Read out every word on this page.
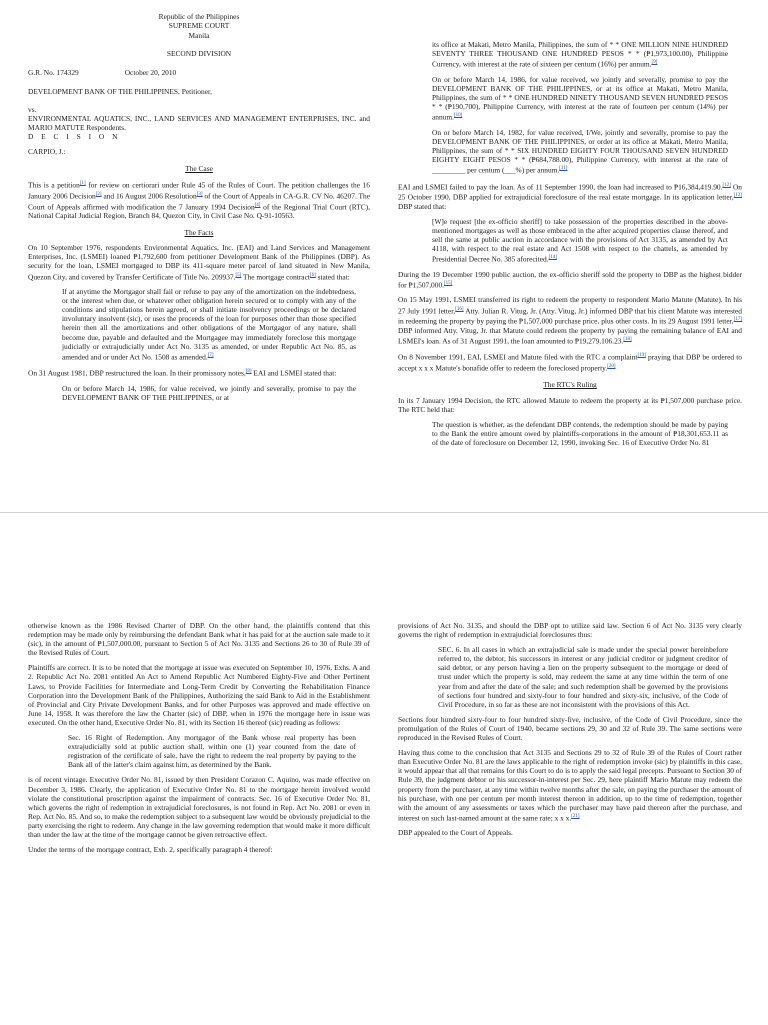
Republic of the Philippines

SUPREME COURT

Manila

SECOND DIVISION

G.R. No. 174329	October 20, 2010

DEVELOPMENT BANK OF THE PHILIPPINES, Petitioner,

vs.

ENVIRONMENTAL AQUATICS, INC., LAND SERVICES AND MANAGEMENT ENTERPRISES, INC. and MARIO MATUTE Respondents.

D E C I S I O N

CARPIO, J.:

The Case

This is a petition[1] for review on certiorari under Rule 45 of the Rules of Court. The petition challenges the 16 January 2006 Decision[2] and 16 August 2006 Resolution[3] of the Court of Appeals in CA-G.R. CV No. 46207. The Court of Appeals affirmed with modification the 7 January 1994 Decision[4] of the Regional Trial Court (RTC), National Capital Judicial Region, Branch 84, Quezon City, in Civil Case No. Q-91-10563.

The Facts

On 10 September 1976, respondents Environmental Aquatics, Inc. (EAI) and Land Services and Management Enterprises, Inc. (LSMEI) loaned ₱1,792,600 from petitioner Development Bank of the Philippines (DBP). As security for the loan, LSMEI mortgaged to DBP its 411-square meter parcel of land situated in New Manila, Quezon City, and covered by Transfer Certificate of Title No. 209937.[5] The mortgage contract[6] stated that:

If at anytime the Mortgagor shall fail or refuse to pay any of the amortization on the indebtedness, or the interest when due, or whatever other obligation herein secured or to comply with any of the conditions and stipulations herein agreed, or shall initiate insolvency proceedings or be declared involuntary insolvent (sic), or uses the proceeds of the loan for purposes other than those specified herein then all the amortizations and other obligations of the Mortgagor of any nature, shall become due, payable and defaulted and the Mortgagee may immediately foreclose this mortgage judicially or extrajudicially under Act No. 3135 as amended, or under Republic Act No. 85, as amended and or under Act No. 1508 as amended.[7]

On 31 August 1981, DBP restructured the loan. In their promissory notes,[8] EAI and LSMEI stated that:

On or before March 14, 1986, for value received, we jointly and severally, promise to pay the DEVELOPMENT BANK OF THE PHILIPPINES, or at

its office at Makati, Metro Manila, Philippines, the sum of * * ONE MILLION NINE HUNDRED SEVENTY THREE THOUSAND ONE HUNDRED PESOS * * (₱1,973,100.00), Philippine Currency, with interest at the rate of sixteen per centum (16%) per annum.[9]

On or before March 14, 1986, for value received, we jointly and severally, promise to pay the DEVELOPMENT BANK OF THE PHILIPPINES, or at its office at Makati, Metro Manila, Philippines, the sum of * * ONE HUNDRED NINETY THOUSAND SEVEN HUNDRED PESOS * * (₱190,700), Philippine Currency, with interest at the rate of fourteen per centum (14%) per annum.[10]

On or before March 14, 1982, for value received, I/We, jointly and severally, promise to pay the DEVELOPMENT BANK OF THE PHILIPPINES, or order at its office at Makati, Metro Manila, Philippines, the sum of * * SIX HUNDRED EIGHTY FOUR THOUSAND SEVEN HUNDRED EIGHTY EIGHT PESOS * * (₱684,788.00), Philippine Currency, with interest at the rate of _________ per centum (___%) per annum.[11]

EAI and LSMEI failed to pay the loan. As of 11 September 1990, the loan had increased to ₱16,384,419.90.[12] On 25 October 1990, DBP applied for extrajudicial foreclosure of the real estate mortgage. In its application letter,[13] DBP stated that:

[W]e request [the ex-officio sheriff] to take possession of the properties described in the above-mentioned mortgages as well as those embraced in the after acquired properties clause thereof, and sell the same at public auction in accordance with the provisions of Act 3135, as amended by Act 4118, with respect to the real estate and Act 1508 with respect to the chattels, as amended by Presidential Decree No. 385 aforecited.[14]

During the 19 December 1990 public auction, the ex-officio sheriff sold the property to DBP as the highest bidder for ₱1,507,000.[15]

On 15 May 1991, LSMEI transferred its right to redeem the property to respondent Mario Matute (Matute). In his 27 July 1991 letter,[16] Atty. Julian R. Vitug, Jr. (Atty. Vitug, Jr.) informed DBP that his client Matute was interested in redeeming the property by paying the ₱1,507,000 purchase price, plus other costs. In its 29 August 1991 letter,[17] DBP informed Atty. Vitug, Jr. that Matute could redeem the property by paying the remaining balance of EAI and LSMEI's loan. As of 31 August 1991, the loan amounted to ₱19,279,106.23.[18]

On 8 November 1991, EAI, LSMEI and Matute filed with the RTC a complaint[19] praying that DBP be ordered to accept x x x Matute's bonafide offer to redeem the foreclosed property.[20]

The RTC's Ruling

In its 7 January 1994 Decision, the RTC allowed Matute to redeem the property at its ₱1,507,000 purchase price. The RTC held that:

The question is whether, as the defendant DBP contends, the redemption should be made by paying to the Bank the entire amount owed by plaintiffs-corporations in the amount of ₱18,301,653.11 as of the date of foreclosure on December 12, 1990, invoking Sec. 16 of Executive Order No. 81

otherwise known as the 1986 Revised Charter of DBP. On the other hand, the plaintiffs contend that this redemption may be made only by reimbursing the defendant Bank what it has paid for at the auction sale made to it (sic), in the amount of ₱1,507,000.00, pursuant to Section 5 of Act No. 3135 and Sections 26 to 30 of Rule 39 of the Revised Rules of Court.

Plaintiffs are correct. It is to be noted that the mortgage at issue was executed on September 10, 1976, Exhs. A and 2. Republic Act No. 2081 entitled An Act to Amend Republic Act Numbered Eighty-Five and Other Pertinent Laws, to Provide Facilities for Intermediate and Long-Term Credit by Converting the Rehabilitation Finance Corporation into the Development Bank of the Philippines, Authorizing the said Bank to Aid in the Establishment of Provincial and City Private Development Banks, and for other Purposes was approved and made effective on June 14, 1958. It was therefore the law the Charter (sic) of DBP, when in 1976 the mortgage here in issue was executed. On the other hand, Executive Order No. 81, with its Section 16 thereof (sic) reading as follows:

Sec. 16 Right of Redemption. Any mortgagor of the Bank whose real property has been extrajudicially sold at public auction shall, within one (1) year counted from the date of registration of the certificate of sale, have the right to redeem the real property by paying to the Bank all of the latter's claim against him, as determined by the Bank.

is of recent vintage. Executive Order No. 81, issued by then President Corazon C. Aquino, was made effective on December 3, 1986. Clearly, the application of Executive Order No. 81 to the mortgage herein involved would violate the constitutional proscription against the impairment of contracts. Sec. 16 of Executive Order No. 81, which governs the right of redemption in extrajudicial foreclosures, is not found in Rep. Act No. 2081 or even in Rep. Act No. 85. And so, to make the redemption subject to a subsequent law would be obviously prejudicial to the party exercising the right to redeem. Any change in the law governing redemption that would make it more difficult than under the law at the time of the mortgage cannot be given retroactive effect.

Under the terms of the mortgage contract, Exh. 2, specifically paragraph 4 thereof:

provisions of Act No. 3135, and should the DBP opt to utilize said law. Section 6 of Act No. 3135 very clearly governs the right of redemption in extrajudicial foreclosures thus:

SEC. 6. In all cases in which an extrajudicial sale is made under the special power hereinbefore referred to, the debtor, his successors in interest or any judicial creditor or judgment creditor of said debtor, or any person having a lien on the property subsequent to the mortgage or deed of trust under which the property is sold, may redeem the same at any time within the term of one year from and after the date of the sale; and such redemption shall be governed by the provisions of sections four hundred and sixty-four to four hundred and sixty-six, inclusive, of the Code of Civil Procedure, in so far as these are not inconsistent with the provisions of this Act.

Sections four hundred sixty-four to four hundred sixty-five, inclusive, of the Code of Civil Procedure, since the promulgation of the Rules of Court of 1940, became sections 29, 30 and 32 of Rule 39. The same sections were reproduced in the Revised Rules of Court.

Having thus come to the conclusion that Act 3135 and Sections 29 to 32 of Rule 39 of the Rules of Court rather than Executive Order No. 81 are the laws applicable to the right of redemption invoke (sic) by plaintiffs in this case, it would appear that all that remains for this Court to do is to apply the said legal precepts. Pursuant to Section 30 of Rule 39, the judgment debtor or his successor-in-interest per Sec. 29, here plaintiff Mario Matute may redeem the property from the purchaser, at any time within twelve months after the sale, on paying the purchaser the amount of his purchase, with one per centum per month interest thereon in addition, up to the time of redemption, together with the amount of any assessments or taxes which the purchaser may have paid thereon after the purchase, and interest on such last-named amount at the same rate; x x x.[21]

DBP appealed to the Court of Appeals.
